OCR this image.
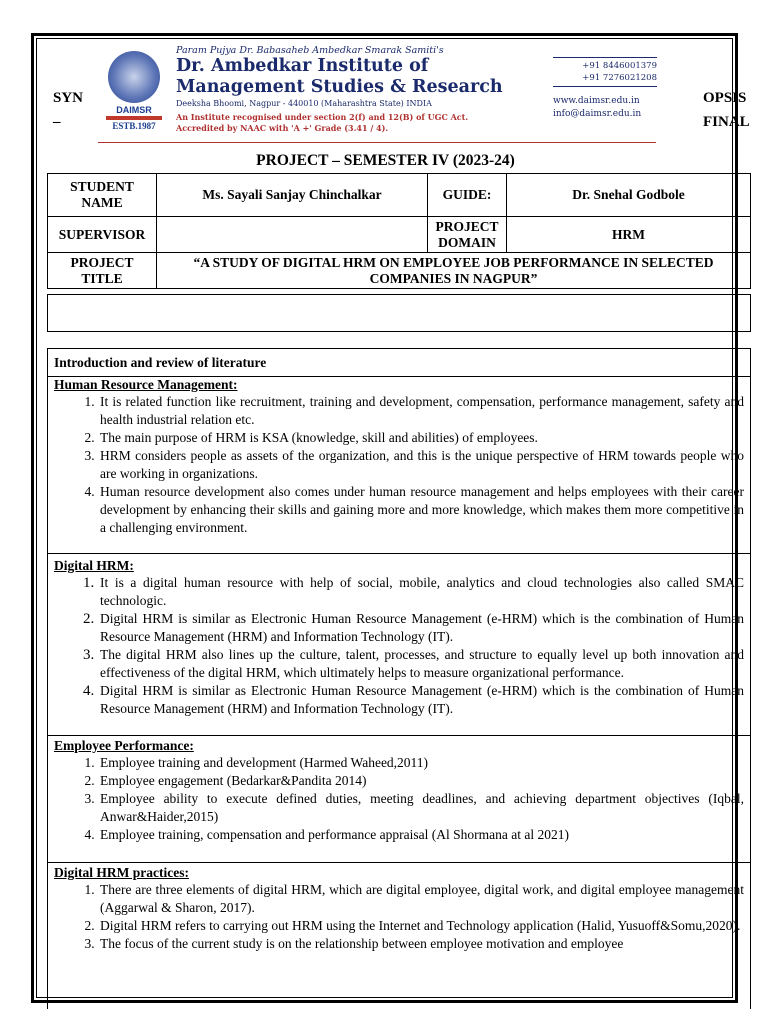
SYN
–
DAIMSR
ESTB.1987
Param Pujya Dr. Babasaheb Ambedkar Smarak Samiti's
Dr. Ambedkar Institute of
Management Studies & Research
Deeksha Bhoomi, Nagpur - 440010 (Maharashtra State) INDIA
An Institute recognised under section 2(f) and 12(B) of UGC Act.
Accredited by NAAC with 'A +' Grade (3.41 / 4).
+91 8446001379
+91 7276021208
www.daimsr.edu.in
info@daimsr.edu.in
OPSIS
FINAL
PROJECT – SEMESTER IV (2023-24)
STUDENT NAME	Ms. Sayali Sanjay Chinchalkar	GUIDE:	Dr. Snehal Godbole
SUPERVISOR		PROJECT DOMAIN	HRM
PROJECT TITLE	“A STUDY OF DIGITAL HRM ON EMPLOYEE JOB PERFORMANCE IN SELECTED COMPANIES IN NAGPUR”		
Introduction and review of literature
Human Resource Management:
1. It is related function like recruitment, training and development, compensation, performance management, safety and health industrial relation etc.
2. The main purpose of HRM is KSA (knowledge, skill and abilities) of employees.
3. HRM considers people as assets of the organization, and this is the unique perspective of HRM towards people who are working in organizations.
4. Human resource development also comes under human resource management and helps employees with their career development by enhancing their skills and gaining more and more knowledge, which makes them more competitive in a challenging environment.
Digital HRM:
1. It is a digital human resource with help of social, mobile, analytics and cloud technologies also called SMAC technologic.
2. Digital HRM is similar as Electronic Human Resource Management (e-HRM) which is the combination of Human Resource Management (HRM) and Information Technology (IT).
3. The digital HRM also lines up the culture, talent, processes, and structure to equally level up both innovation and effectiveness of the digital HRM, which ultimately helps to measure organizational performance.
4. Digital HRM is similar as Electronic Human Resource Management (e-HRM) which is the combination of Human Resource Management (HRM) and Information Technology (IT).
Employee Performance:
1. Employee training and development (Harmed Waheed,2011)
2. Employee engagement (Bedarkar&Pandita 2014)
3. Employee ability to execute defined duties, meeting deadlines, and achieving department objectives (Iqbal, Anwar&Haider,2015)
4. Employee training, compensation and performance appraisal (Al Shormana at al 2021)
Digital HRM practices:
1. There are three elements of digital HRM, which are digital employee, digital work, and digital employee management (Aggarwal & Sharon, 2017).
2. Digital HRM refers to carrying out HRM using the Internet and Technology application (Halid, Yusuoff&Somu,2020).
3. The focus of the current study is on the relationship between employee motivation and employee
